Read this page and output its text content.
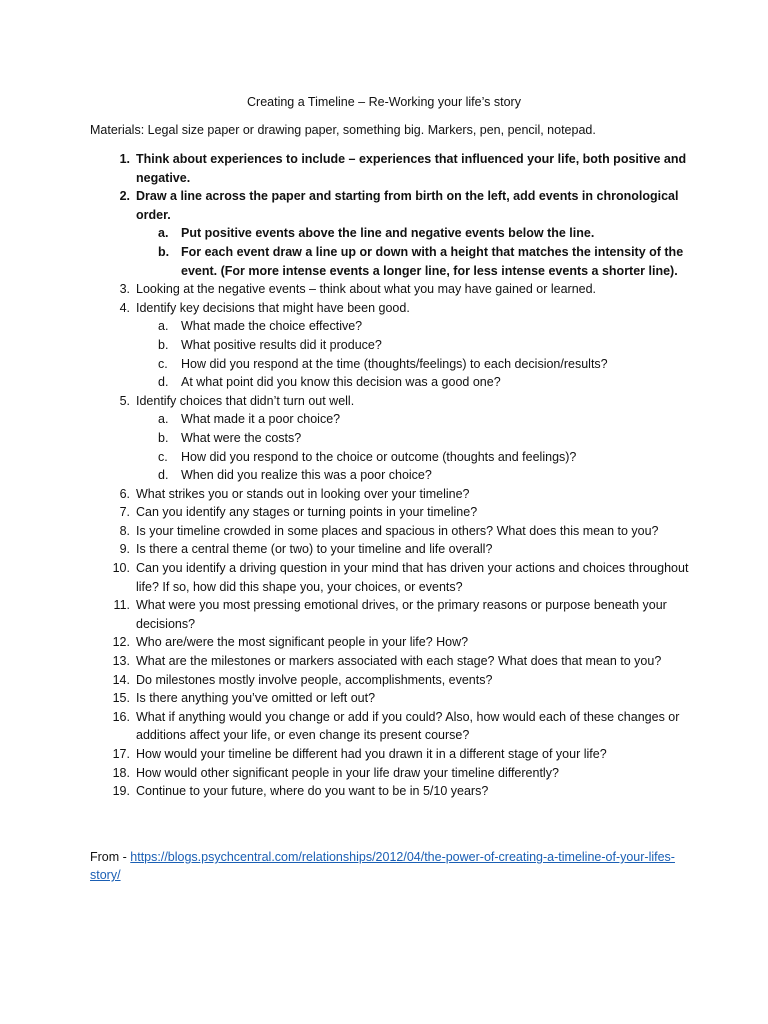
Creating a Timeline – Re-Working your life’s story
Materials: Legal size paper or drawing paper, something big. Markers, pen, pencil, notepad.
1. Think about experiences to include – experiences that influenced your life, both positive and negative.
2. Draw a line across the paper and starting from birth on the left, add events in chronological order.
a. Put positive events above the line and negative events below the line.
b. For each event draw a line up or down with a height that matches the intensity of the event. (For more intense events a longer line, for less intense events a shorter line).
3. Looking at the negative events – think about what you may have gained or learned.
4. Identify key decisions that might have been good.
a. What made the choice effective?
b. What positive results did it produce?
c. How did you respond at the time (thoughts/feelings) to each decision/results?
d. At what point did you know this decision was a good one?
5. Identify choices that didn’t turn out well.
a. What made it a poor choice?
b. What were the costs?
c. How did you respond to the choice or outcome (thoughts and feelings)?
d. When did you realize this was a poor choice?
6. What strikes you or stands out in looking over your timeline?
7. Can you identify any stages or turning points in your timeline?
8. Is your timeline crowded in some places and spacious in others? What does this mean to you?
9. Is there a central theme (or two) to your timeline and life overall?
10. Can you identify a driving question in your mind that has driven your actions and choices throughout life? If so, how did this shape you, your choices, or events?
11. What were you most pressing emotional drives, or the primary reasons or purpose beneath your decisions?
12. Who are/were the most significant people in your life? How?
13. What are the milestones or markers associated with each stage? What does that mean to you?
14. Do milestones mostly involve people, accomplishments, events?
15. Is there anything you’ve omitted or left out?
16. What if anything would you change or add if you could? Also, how would each of these changes or additions affect your life, or even change its present course?
17. How would your timeline be different had you drawn it in a different stage of your life?
18. How would other significant people in your life draw your timeline differently?
19. Continue to your future, where do you want to be in 5/10 years?
From - https://blogs.psychcentral.com/relationships/2012/04/the-power-of-creating-a-timeline-of-your-lifes-story/
